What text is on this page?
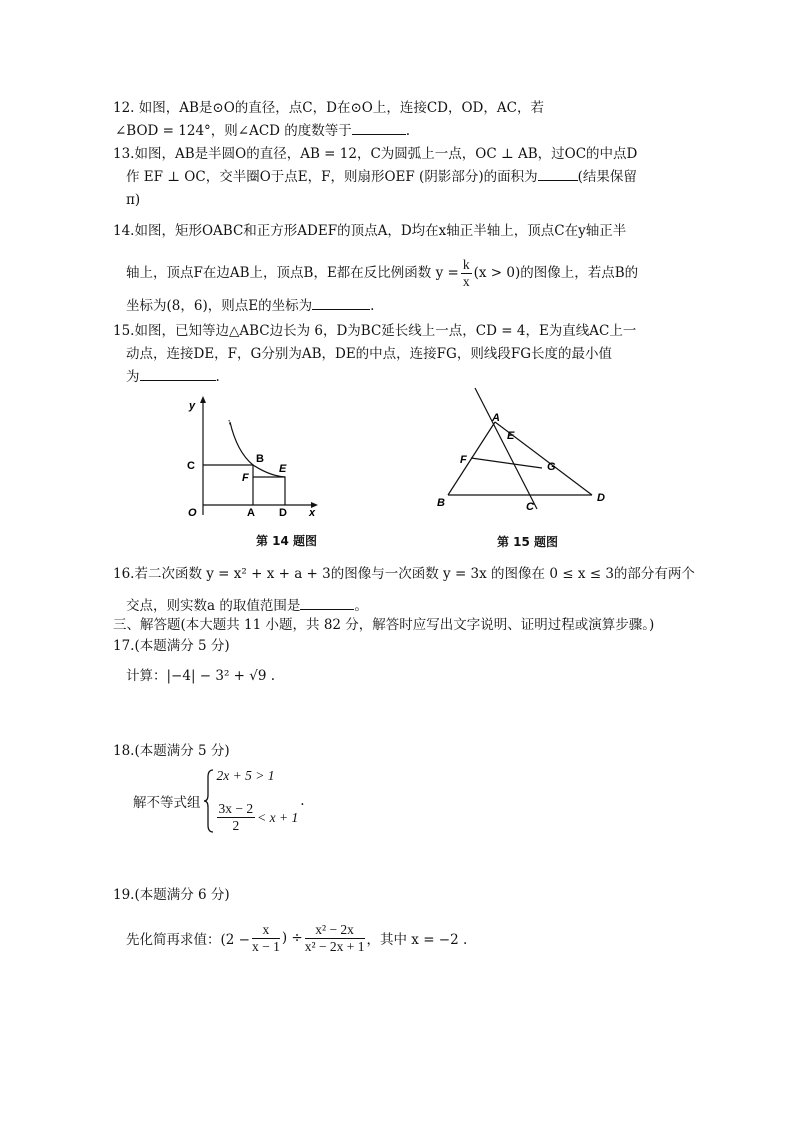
12. 如图，AB是⊙O的直径，点C，D在⊙O上，连接CD，OD，AC，若
∠BOD = 124°，则∠ACD 的度数等于	.
13.如图，AB是半圆O的直径，AB = 12，C为圆弧上一点，OC ⊥ AB，过OC的中点D
作 EF ⊥ OC，交半圈O于点E，F，则扇形OEF (阴影部分)的面积为	(结果保留
π)
14.如图，矩形OABC和正方形ADEF的顶点A，D均在x轴正半轴上，顶点C在y轴正半
轴上，顶点F在边AB上，顶点B，E都在反比例函数 $y = \frac{k}{x} (x > 0)$的图像上，若点B的
坐标为(8，6)，则点E的坐标为	.
15.如图，已知等边△ABC边长为 6，D为BC延长线上一点，CD = 4，E为直线AC上一
动点，连接DE，F，G分别为AB，DE的中点，连接FG，则线段FG长度的最小值
为	.
y
C
B
E
F
O	A D x
第 14 题图
A
E
F
G
B	C
D
第 15 题图
16.若二次函数 y = x² + x + a + 3的图像与一次函数 y = 3x 的图像在 0 ≤ x ≤ 3的部分有两个
交点，则实数a 的取值范围是	。
三、解答题(本大题共 11 小题，共 82 分，解答时应写出文字说明、证明过程或演算步骤。)
17.(本题满分 5 分)
计算：|−4| − 3² + √9 .
18.(本题满分 5 分)
解不等式组
2x + 5 > 1
$\frac{3x - 2}{2} < x + 1$
.
19.(本题满分 6 分)
先化简再求值：($2 - \frac{x}{x - 1}$ ) ÷ $\frac{\text{x² − 2x}}{\text{x² − 2x + 1}}$ ，其中 x = −2 .
